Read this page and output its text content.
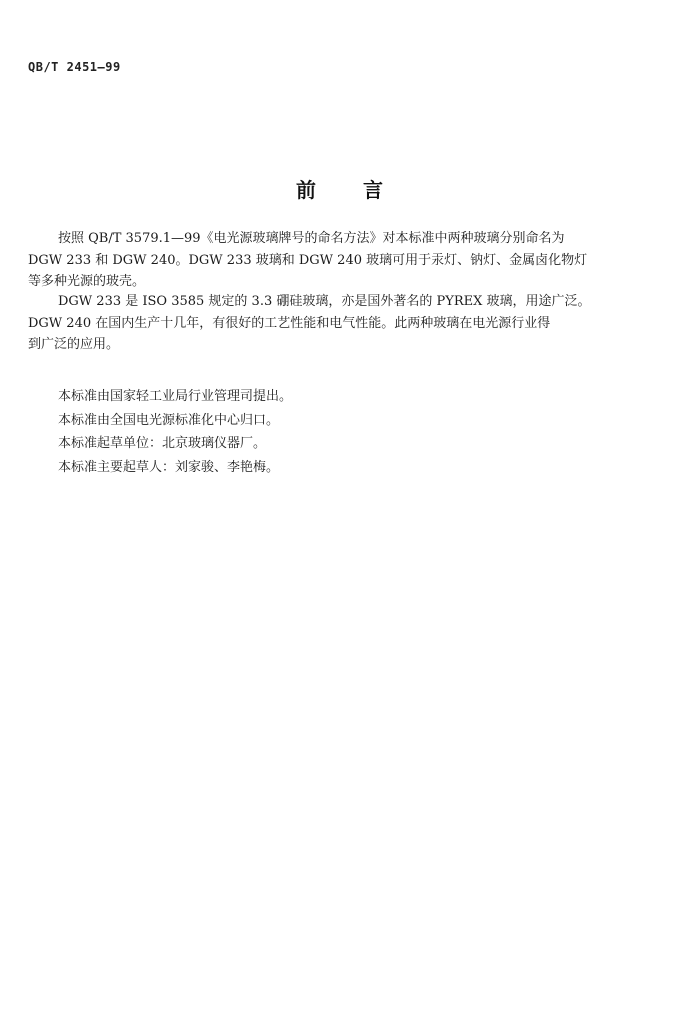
QB/T 2451—99
前 言
按照 QB/T 3579.1—99《电光源玻璃牌号的命名方法》对本标准中两种玻璃分别命名为
DGW 233 和 DGW 240。DGW 233 玻璃和 DGW 240 玻璃可用于汞灯、钠灯、金属卤化物灯
等多种光源的玻壳。
DGW 233 是 ISO 3585 规定的 3.3 硼硅玻璃，亦是国外著名的 PYREX 玻璃，用途广泛。
DGW 240 在国内生产十几年，有很好的工艺性能和电气性能。此两种玻璃在电光源行业得
到广泛的应用。
本标准由国家轻工业局行业管理司提出。
本标准由全国电光源标准化中心归口。
本标准起草单位：北京玻璃仪器厂。
本标准主要起草人：刘家骏、李艳梅。
